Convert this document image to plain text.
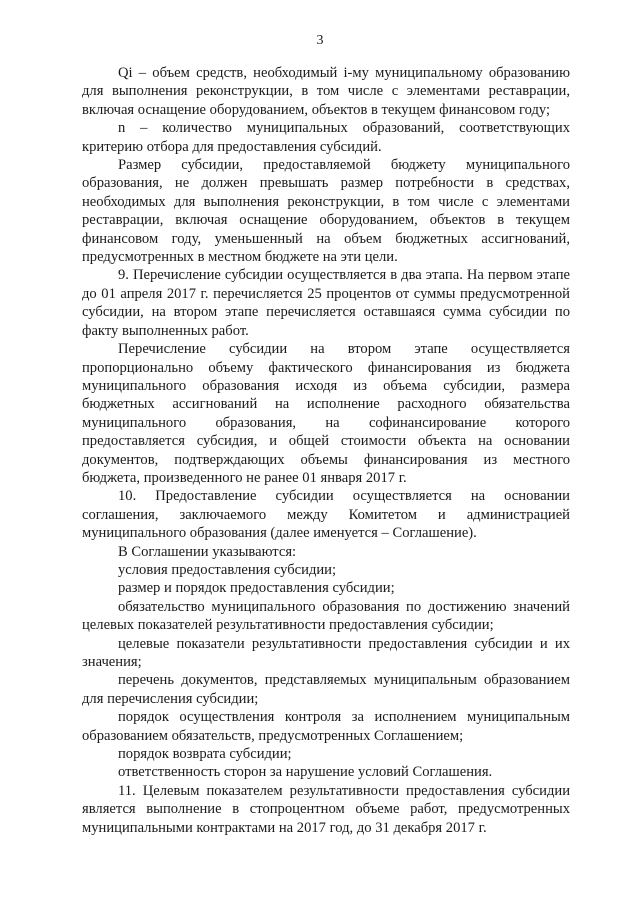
3

Qi – объем средств, необходимый i-му муниципальному образованию для выполнения реконструкции, в том числе с элементами реставрации, включая оснащение оборудованием, объектов в текущем финансовом году;

n – количество муниципальных образований, соответствующих критерию отбора для предоставления субсидий.

Размер субсидии, предоставляемой бюджету муниципального образования, не должен превышать размер потребности в средствах, необходимых для выполнения реконструкции, в том числе с элементами реставрации, включая оснащение оборудованием, объектов в текущем финансовом году, уменьшенный на объем бюджетных ассигнований, предусмотренных в местном бюджете на эти цели.

9. Перечисление субсидии осуществляется в два этапа. На первом этапе до 01 апреля 2017 г. перечисляется 25 процентов от суммы предусмотренной субсидии, на втором этапе перечисляется оставшаяся сумма субсидии по факту выполненных работ.

Перечисление субсидии на втором этапе осуществляется пропорционально объему фактического финансирования из бюджета муниципального образования исходя из объема субсидии, размера бюджетных ассигнований на исполнение расходного обязательства муниципального образования, на софинансирование которого предоставляется субсидия, и общей стоимости объекта на основании документов, подтверждающих объемы финансирования из местного бюджета, произведенного не ранее 01 января 2017 г.

10. Предоставление субсидии осуществляется на основании соглашения, заключаемого между Комитетом и администрацией муниципального образования (далее именуется – Соглашение).

В Соглашении указываются:

условия предоставления субсидии;

размер и порядок предоставления субсидии;

обязательство муниципального образования по достижению значений целевых показателей результативности предоставления субсидии;

целевые показатели результативности предоставления субсидии и их значения;

перечень документов, представляемых муниципальным образованием для перечисления субсидии;

порядок осуществления контроля за исполнением муниципальным образованием обязательств, предусмотренных Соглашением;

порядок возврата субсидии;

ответственность сторон за нарушение условий Соглашения.

11. Целевым показателем результативности предоставления субсидии является выполнение в стопроцентном объеме работ, предусмотренных муниципальными контрактами на 2017 год, до 31 декабря 2017 г.
